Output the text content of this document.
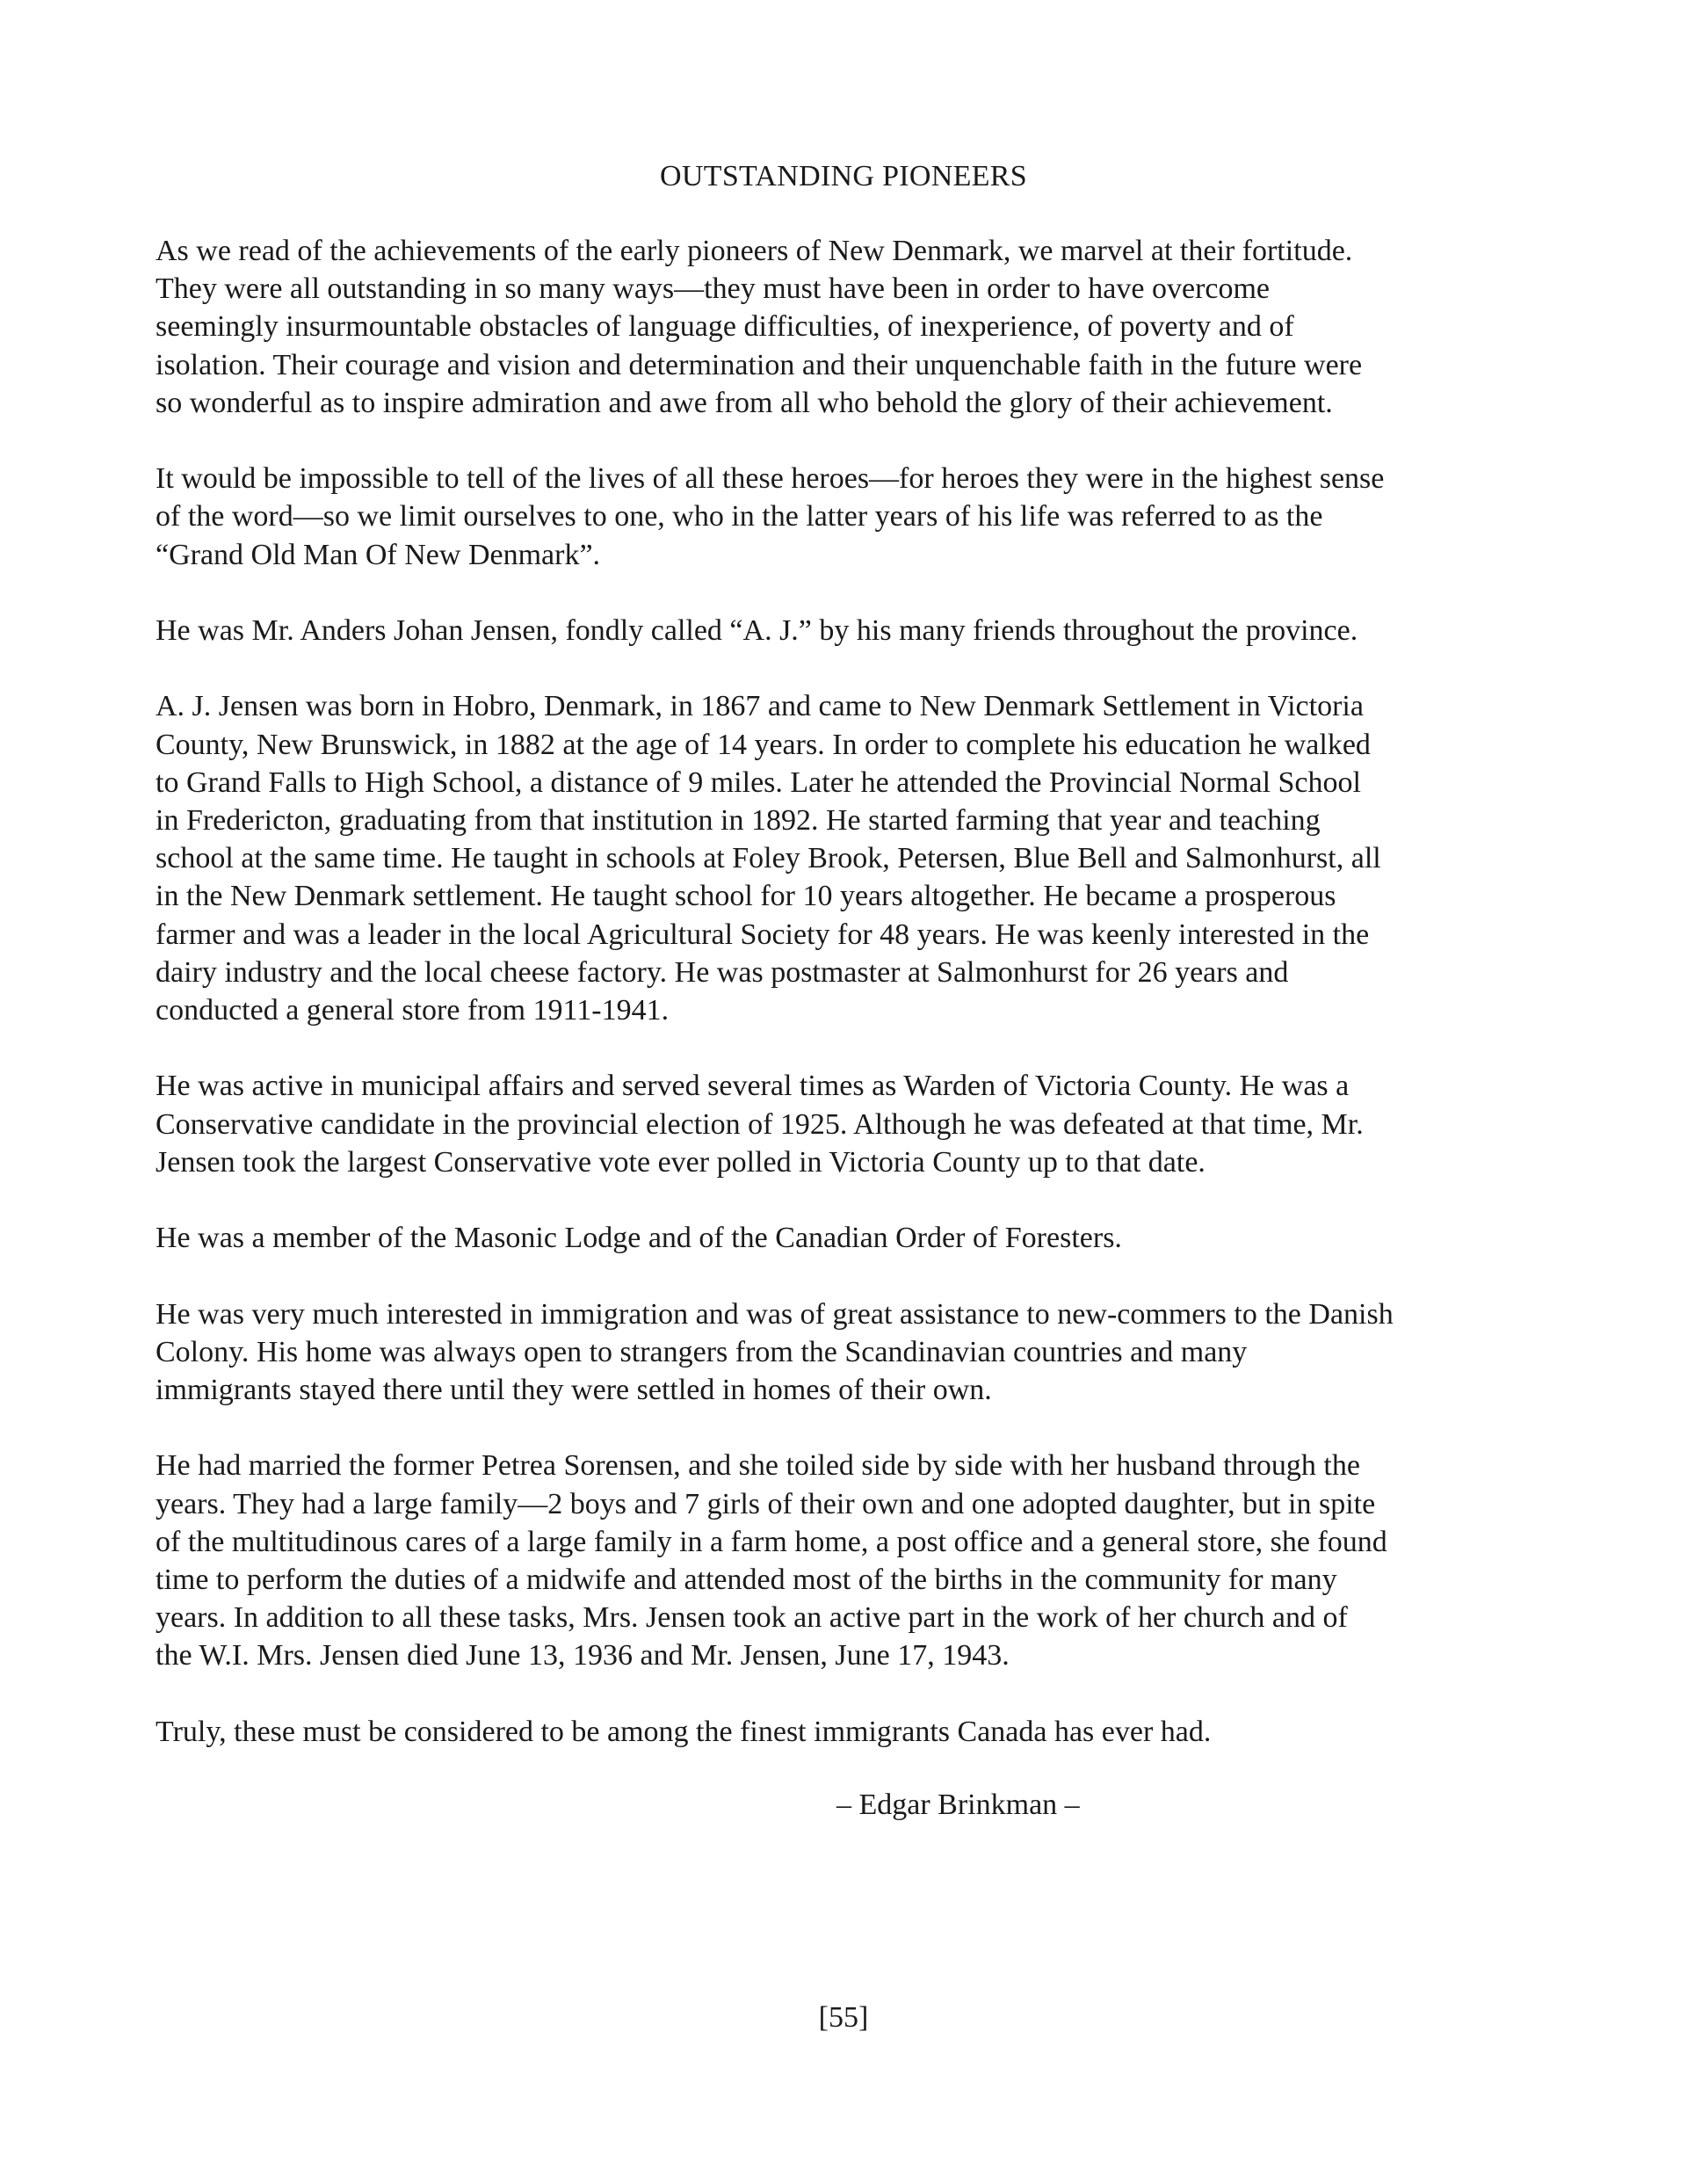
OUTSTANDING PIONEERS

As we read of the achievements of the early pioneers of New Denmark, we marvel at their fortitude.
They were all outstanding in so many ways—they must have been in order to have overcome
seemingly insurmountable obstacles of language difficulties, of inexperience, of poverty and of
isolation. Their courage and vision and determination and their unquenchable faith in the future were
so wonderful as to inspire admiration and awe from all who behold the glory of their achievement.

It would be impossible to tell of the lives of all these heroes—for heroes they were in the highest sense
of the word—so we limit ourselves to one, who in the latter years of his life was referred to as the
“Grand Old Man Of New Denmark”.

He was Mr. Anders Johan Jensen, fondly called “A. J.” by his many friends throughout the province.

A. J. Jensen was born in Hobro, Denmark, in 1867 and came to New Denmark Settlement in Victoria
County, New Brunswick, in 1882 at the age of 14 years. In order to complete his education he walked
to Grand Falls to High School, a distance of 9 miles. Later he attended the Provincial Normal School
in Fredericton, graduating from that institution in 1892. He started farming that year and teaching
school at the same time. He taught in schools at Foley Brook, Petersen, Blue Bell and Salmonhurst, all
in the New Denmark settlement. He taught school for 10 years altogether. He became a prosperous
farmer and was a leader in the local Agricultural Society for 48 years. He was keenly interested in the
dairy industry and the local cheese factory. He was postmaster at Salmonhurst for 26 years and
conducted a general store from 1911-1941.

He was active in municipal affairs and served several times as Warden of Victoria County. He was a
Conservative candidate in the provincial election of 1925. Although he was defeated at that time, Mr.
Jensen took the largest Conservative vote ever polled in Victoria County up to that date.

He was a member of the Masonic Lodge and of the Canadian Order of Foresters.

He was very much interested in immigration and was of great assistance to new-commers to the Danish
Colony. His home was always open to strangers from the Scandinavian countries and many
immigrants stayed there until they were settled in homes of their own.

He had married the former Petrea Sorensen, and she toiled side by side with her husband through the
years. They had a large family—2 boys and 7 girls of their own and one adopted daughter, but in spite
of the multitudinous cares of a large family in a farm home, a post office and a general store, she found
time to perform the duties of a midwife and attended most of the births in the community for many
years. In addition to all these tasks, Mrs. Jensen took an active part in the work of her church and of
the W.I. Mrs. Jensen died June 13, 1936 and Mr. Jensen, June 17, 1943.

Truly, these must be considered to be among the finest immigrants Canada has ever had.

– Edgar Brinkman –
[55]
